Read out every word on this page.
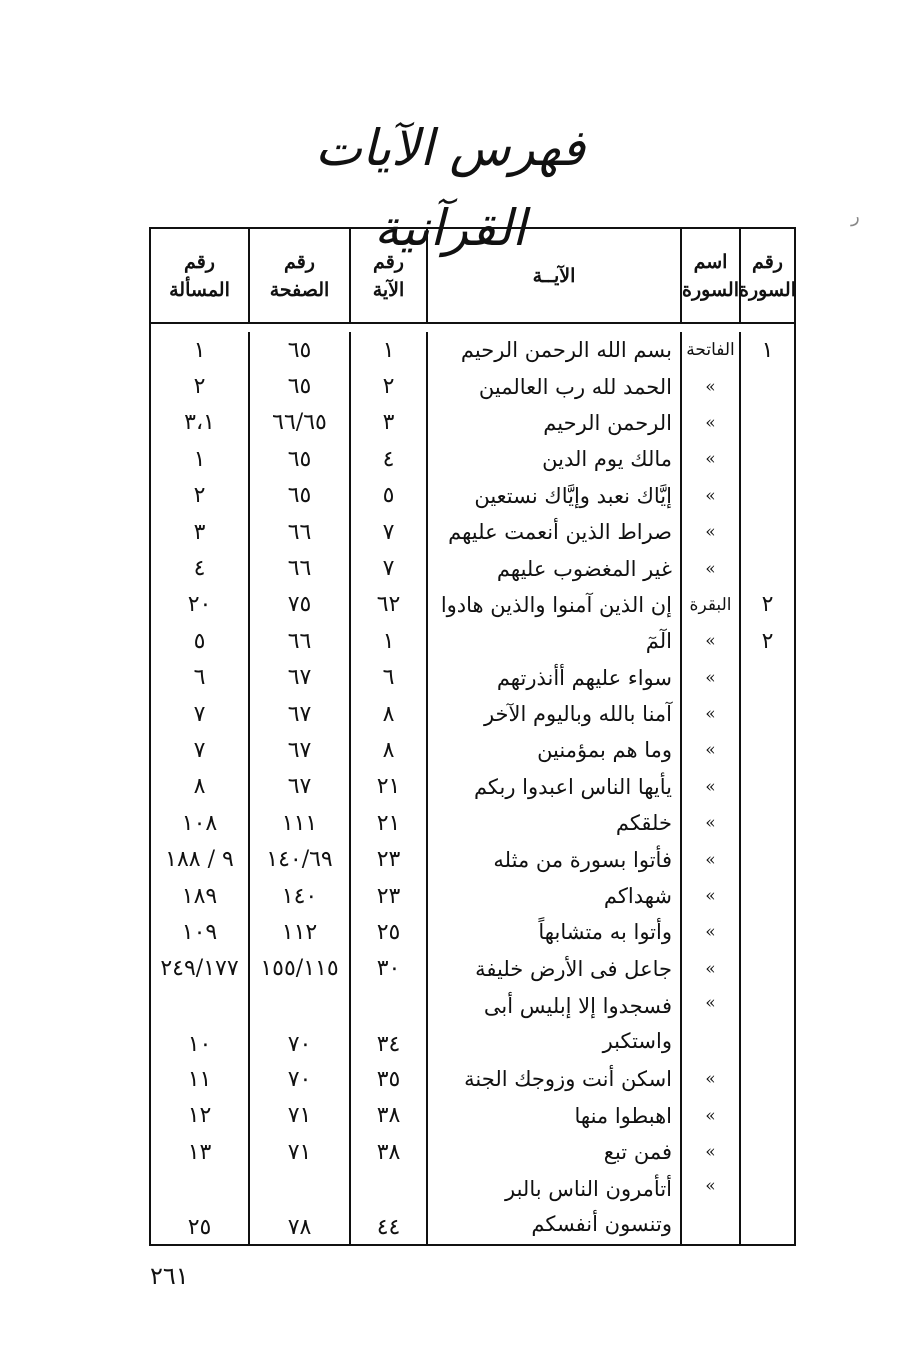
فهرس الآيات القرآنية	ر
رقم
السورة
اسم
السورة
الآيــة
رقم
الآية
رقم
الصفحة
رقم
المسألة
١
الفاتحة
بسم الله الرحمن الرحيم
١
٦٥
١
»
الحمد لله رب العالمين
٢
٦٥
٢
»
الرحمن الرحيم
٣
٦٦/٦٥
٣،١
»
مالك يوم الدين
٤
٦٥
١
»
إيَّاك نعبد وإيَّاك نستعين
٥
٦٥
٢
»
صراط الذين أنعمت عليهم
٧
٦٦
٣
»
غير المغضوب عليهم
٧
٦٦
٤
٢
البقرة
إن الذين آمنوا والذين هادوا
٦٢
٧٥
٢٠
٢
»
الٓمٓ
١
٦٦
٥
»
سواء عليهم أأنذرتهم
٦
٦٧
٦
»
آمنا بالله وباليوم الآخر
٨
٦٧
٧
»
وما هم بمؤمنين
٨
٦٧
٧
»
يأيها الناس اعبدوا ربكم
٢١
٦٧
٨
»
خلقكم
٢١
١١١
١٠٨
»
فأتوا بسورة من مثله
٢٣
١٤٠/٦٩
٩ / ١٨٨
»
شهداكم
٢٣
١٤٠
١٨٩
»
وأتوا به متشابهاً
٢٥
١١٢
١٠٩
»
جاعل فى الأرض خليفة
٣٠
١٥٥/١١٥
٢٤٩/١٧٧
»
فسجدوا إلا إبليس أبى
واستكبر
٣٤
٧٠
١٠
»
اسكن أنت وزوجك الجنة
٣٥
٧٠
١١
»
اهبطوا منها
٣٨
٧١
١٢
»
فمن تبع
٣٨
٧١
١٣
»
أتأمرون الناس بالبر
وتنسون أنفسكم
٤٤
٧٨
٢٥
٢٦١
